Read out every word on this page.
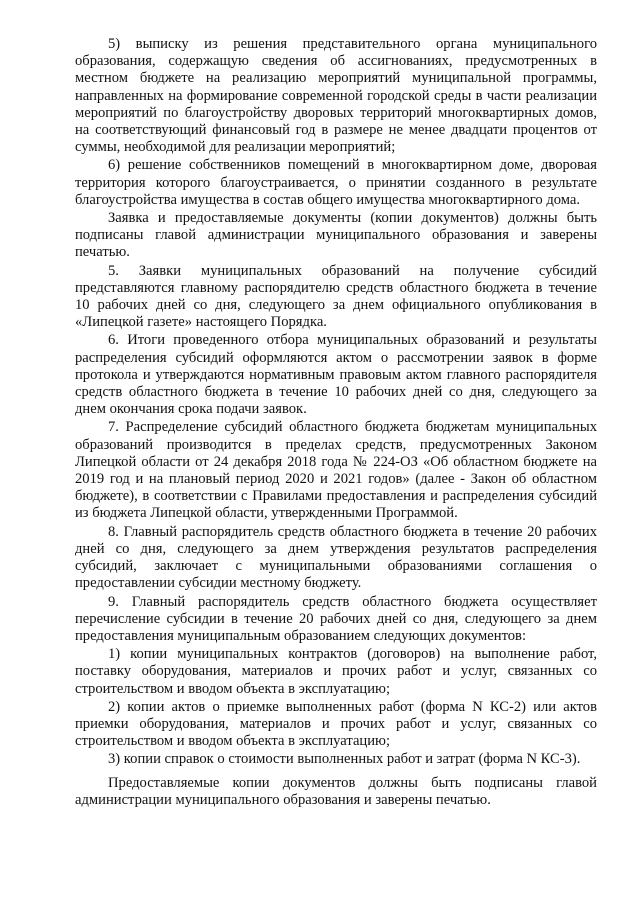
5) выписку из решения представительного органа муниципального образования, содержащую сведения об ассигнованиях, предусмотренных в местном бюджете на реализацию мероприятий муниципальной программы, направленных на формирование современной городской среды в части реализации мероприятий по благоустройству дворовых территорий многоквартирных домов, на соответствующий финансовый год в размере не менее двадцати процентов от суммы, необходимой для реализации мероприятий;

6) решение собственников помещений в многоквартирном доме, дворовая территория которого благоустраивается, о принятии созданного в результате благоустройства имущества в состав общего имущества многоквартирного дома.

Заявка и предоставляемые документы (копии документов) должны быть подписаны главой администрации муниципального образования и заверены печатью.

5. Заявки муниципальных образований на получение субсидий представляются главному распорядителю средств областного бюджета в течение 10 рабочих дней со дня, следующего за днем официального опубликования в «Липецкой газете» настоящего Порядка.

6. Итоги проведенного отбора муниципальных образований и результаты распределения субсидий оформляются актом о рассмотрении заявок в форме протокола и утверждаются нормативным правовым актом главного распорядителя средств областного бюджета в течение 10 рабочих дней со дня, следующего за днем окончания срока подачи заявок.

7. Распределение субсидий областного бюджета бюджетам муниципальных образований производится в пределах средств, предусмотренных Законом Липецкой области от 24 декабря 2018 года № 224-ОЗ «Об областном бюджете на 2019 год и на плановый период 2020 и 2021 годов» (далее - Закон об областном бюджете), в соответствии с Правилами предоставления и распределения субсидий из бюджета Липецкой области, утвержденными Программой.

8. Главный распорядитель средств областного бюджета в течение 20 рабочих дней со дня, следующего за днем утверждения результатов распределения субсидий, заключает с муниципальными образованиями соглашения о предоставлении субсидии местному бюджету.

9. Главный распорядитель средств областного бюджета осуществляет перечисление субсидии в течение 20 рабочих дней со дня, следующего за днем предоставления муниципальным образованием следующих документов:

1) копии муниципальных контрактов (договоров) на выполнение работ, поставку оборудования, материалов и прочих работ и услуг, связанных со строительством и вводом объекта в эксплуатацию;

2) копии актов о приемке выполненных работ (форма N КС-2) или актов приемки оборудования, материалов и прочих работ и услуг, связанных со строительством и вводом объекта в эксплуатацию;

3) копии справок о стоимости выполненных работ и затрат (форма N КС-3).

Предоставляемые копии документов должны быть подписаны главой администрации муниципального образования и заверены печатью.
